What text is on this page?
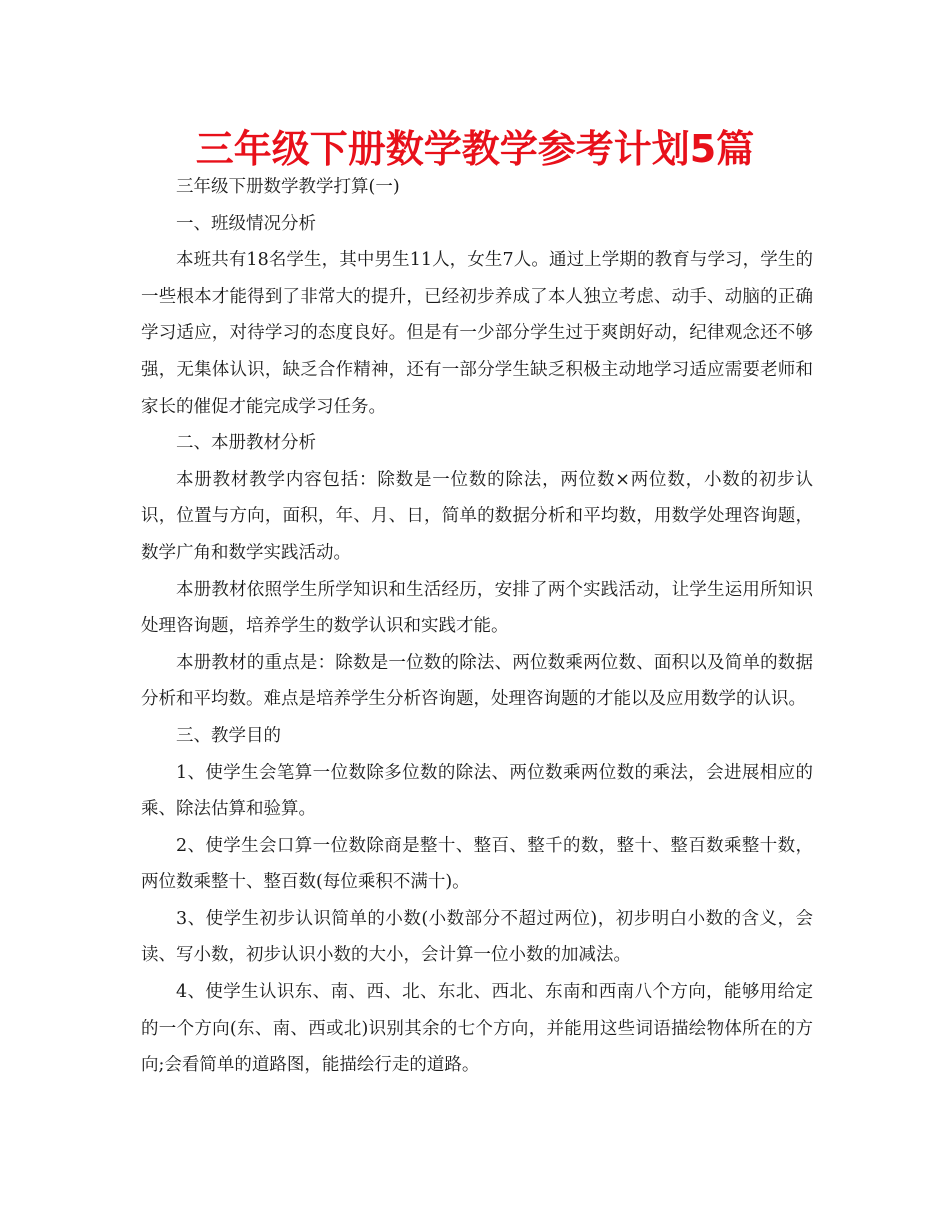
三年级下册数学教学参考计划5篇

三年级下册数学教学打算(一)

一、班级情况分析

本班共有18名学生，其中男生11人，女生7人。通过上学期的教育与学习，学生的一些根本才能得到了非常大的提升，已经初步养成了本人独立考虑、动手、动脑的正确学习适应，对待学习的态度良好。但是有一少部分学生过于爽朗好动，纪律观念还不够强，无集体认识，缺乏合作精神，还有一部分学生缺乏积极主动地学习适应需要老师和家长的催促才能完成学习任务。

二、本册教材分析

本册教材教学内容包括：除数是一位数的除法，两位数×两位数，小数的初步认识，位置与方向，面积，年、月、日，简单的数据分析和平均数，用数学处理咨询题，数学广角和数学实践活动。

本册教材依照学生所学知识和生活经历，安排了两个实践活动，让学生运用所知识处理咨询题，培养学生的数学认识和实践才能。

本册教材的重点是：除数是一位数的除法、两位数乘两位数、面积以及简单的数据分析和平均数。难点是培养学生分析咨询题，处理咨询题的才能以及应用数学的认识。

三、教学目的

1、使学生会笔算一位数除多位数的除法、两位数乘两位数的乘法，会进展相应的乘、除法估算和验算。

2、使学生会口算一位数除商是整十、整百、整千的数，整十、整百数乘整十数，两位数乘整十、整百数(每位乘积不满十)。

3、使学生初步认识简单的小数(小数部分不超过两位)，初步明白小数的含义，会读、写小数，初步认识小数的大小，会计算一位小数的加减法。

4、使学生认识东、南、西、北、东北、西北、东南和西南八个方向，能够用给定的一个方向(东、南、西或北)识别其余的七个方向，并能用这些词语描绘物体所在的方向;会看简单的道路图，能描绘行走的道路。
